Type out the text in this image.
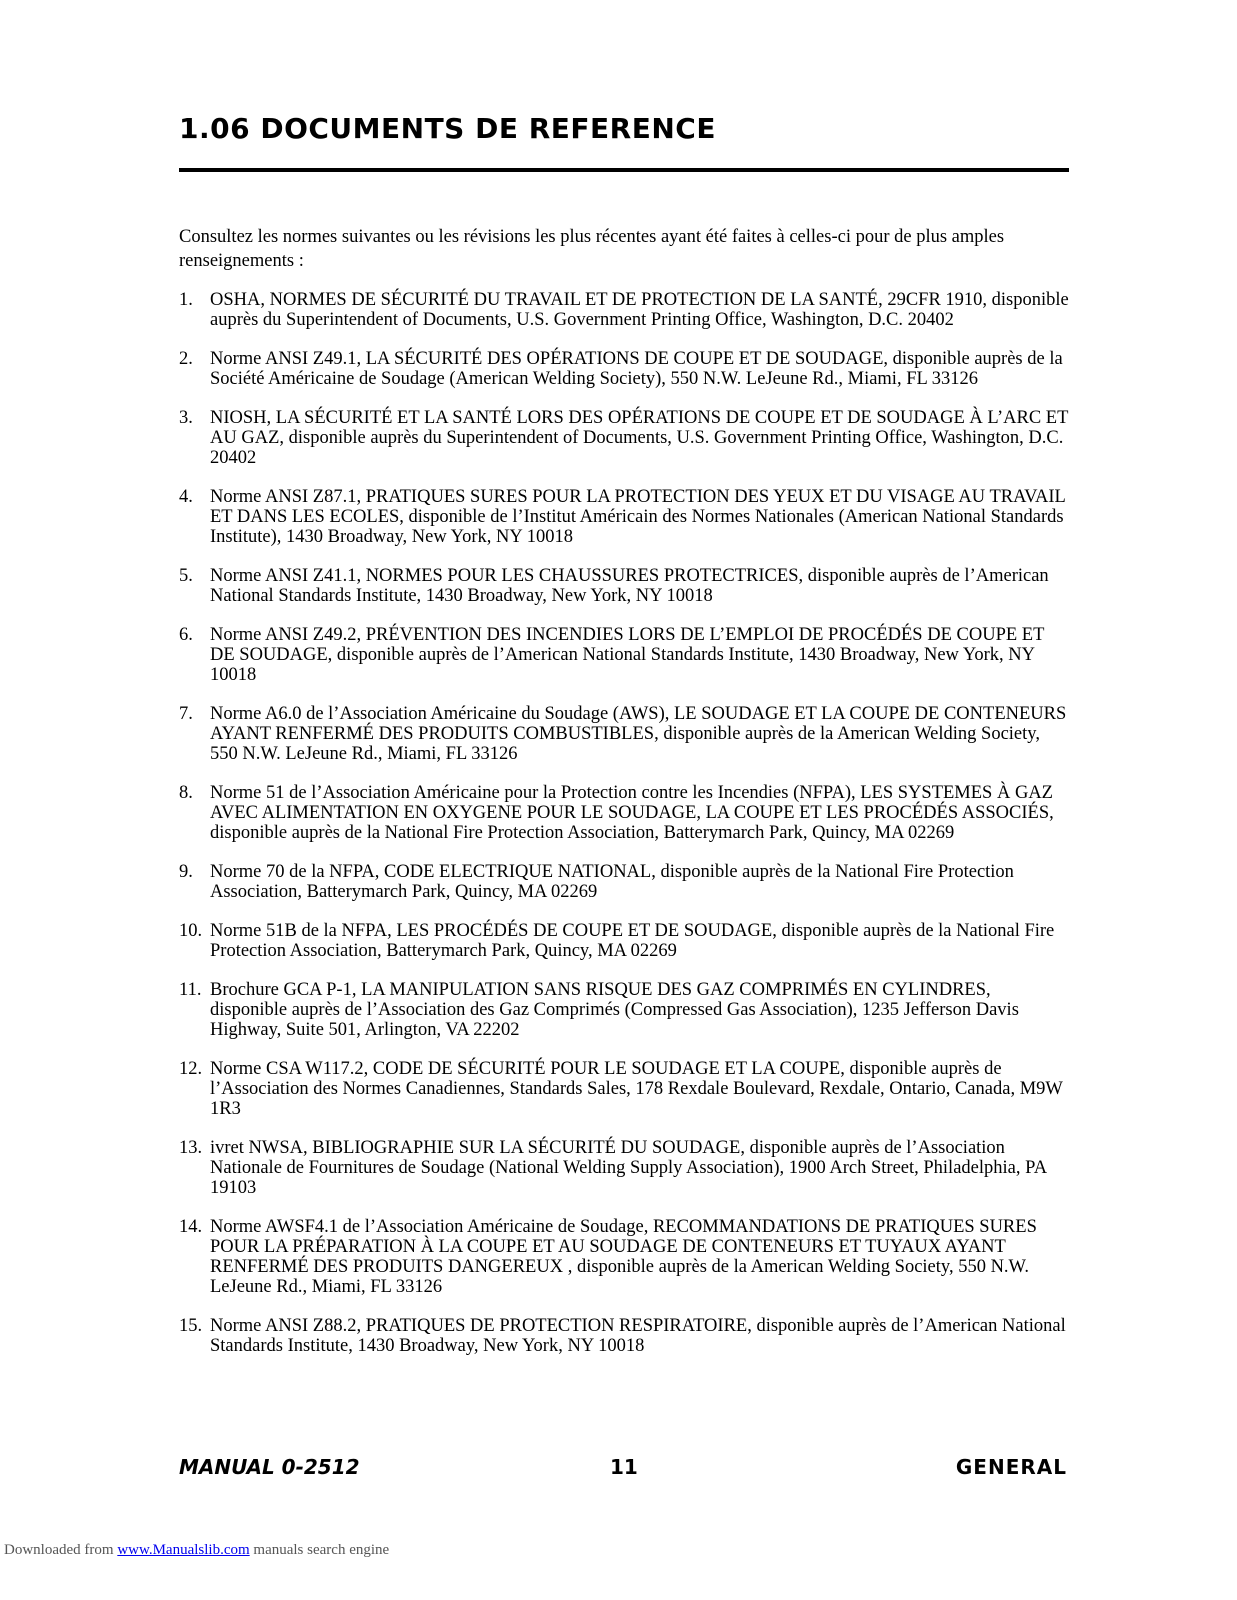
1.06 DOCUMENTS DE REFERENCE

Consultez les normes suivantes ou les révisions les plus récentes ayant été faites à celles-ci pour de plus amples renseignements :

1. OSHA, NORMES DE SÉCURITÉ DU TRAVAIL ET DE PROTECTION DE LA SANTÉ, 29CFR 1910, disponible auprès du Superintendent of Documents, U.S. Government Printing Office, Washington, D.C. 20402
2. Norme ANSI Z49.1, LA SÉCURITÉ DES OPÉRATIONS DE COUPE ET DE SOUDAGE, disponible auprès de la Société Américaine de Soudage (American Welding Society), 550 N.W. LeJeune Rd., Miami, FL 33126
3. NIOSH, LA SÉCURITÉ ET LA SANTÉ LORS DES OPÉRATIONS DE COUPE ET DE SOUDAGE À L’ARC ET AU GAZ, disponible auprès du Superintendent of Documents, U.S. Government Printing Office, Washington, D.C. 20402
4. Norme ANSI Z87.1, PRATIQUES SURES POUR LA PROTECTION DES YEUX ET DU VISAGE AU TRAVAIL ET DANS LES ECOLES, disponible de l’Institut Américain des Normes Nationales (American National Standards Institute), 1430 Broadway, New York, NY 10018
5. Norme ANSI Z41.1, NORMES POUR LES CHAUSSURES PROTECTRICES, disponible auprès de l’American National Standards Institute, 1430 Broadway, New York, NY 10018
6. Norme ANSI Z49.2, PRÉVENTION DES INCENDIES LORS DE L’EMPLOI DE PROCÉDÉS DE COUPE ET DE SOUDAGE, disponible auprès de l’American National Standards Institute, 1430 Broadway, New York, NY 10018
7. Norme A6.0 de l’Association Américaine du Soudage (AWS), LE SOUDAGE ET LA COUPE DE CONTENEURS AYANT RENFERMÉ DES PRODUITS COMBUSTIBLES, disponible auprès de la American Welding Society, 550 N.W. LeJeune Rd., Miami, FL 33126
8. Norme 51 de l’Association Américaine pour la Protection contre les Incendies (NFPA), LES SYSTEMES À GAZ AVEC ALIMENTATION EN OXYGENE POUR LE SOUDAGE, LA COUPE ET LES PROCÉDÉS ASSOCIÉS, disponible auprès de la National Fire Protection Association, Batterymarch Park, Quincy, MA 02269
9. Norme 70 de la NFPA, CODE ELECTRIQUE NATIONAL, disponible auprès de la National Fire Protection Association, Batterymarch Park, Quincy, MA 02269
10. Norme 51B de la NFPA, LES PROCÉDÉS DE COUPE ET DE SOUDAGE, disponible auprès de la National Fire Protection Association, Batterymarch Park, Quincy, MA 02269
11. Brochure GCA P-1, LA MANIPULATION SANS RISQUE DES GAZ COMPRIMÉS EN CYLINDRES, disponible auprès de l’Association des Gaz Comprimés (Compressed Gas Association), 1235 Jefferson Davis Highway, Suite 501, Arlington, VA 22202
12. Norme CSA W117.2, CODE DE SÉCURITÉ POUR LE SOUDAGE ET LA COUPE, disponible auprès de l’Association des Normes Canadiennes, Standards Sales, 178 Rexdale Boulevard, Rexdale, Ontario, Canada, M9W 1R3
13. ivret NWSA, BIBLIOGRAPHIE SUR LA SÉCURITÉ DU SOUDAGE, disponible auprès de l’Association Nationale de Fournitures de Soudage (National Welding Supply Association), 1900 Arch Street, Philadelphia, PA 19103
14. Norme AWSF4.1 de l’Association Américaine de Soudage, RECOMMANDATIONS DE PRATIQUES SURES POUR LA PRÉPARATION À LA COUPE ET AU SOUDAGE DE CONTENEURS ET TUYAUX AYANT RENFERMÉ DES PRODUITS DANGEREUX , disponible auprès de la American Welding Society, 550 N.W. LeJeune Rd., Miami, FL 33126
15. Norme ANSI Z88.2, PRATIQUES DE PROTECTION RESPIRATOIRE, disponible auprès de l’American National Standards Institute, 1430 Broadway, New York, NY 10018
MANUAL 0-2512	11	GENERAL
Downloaded from www.Manualslib.com manuals search engine
